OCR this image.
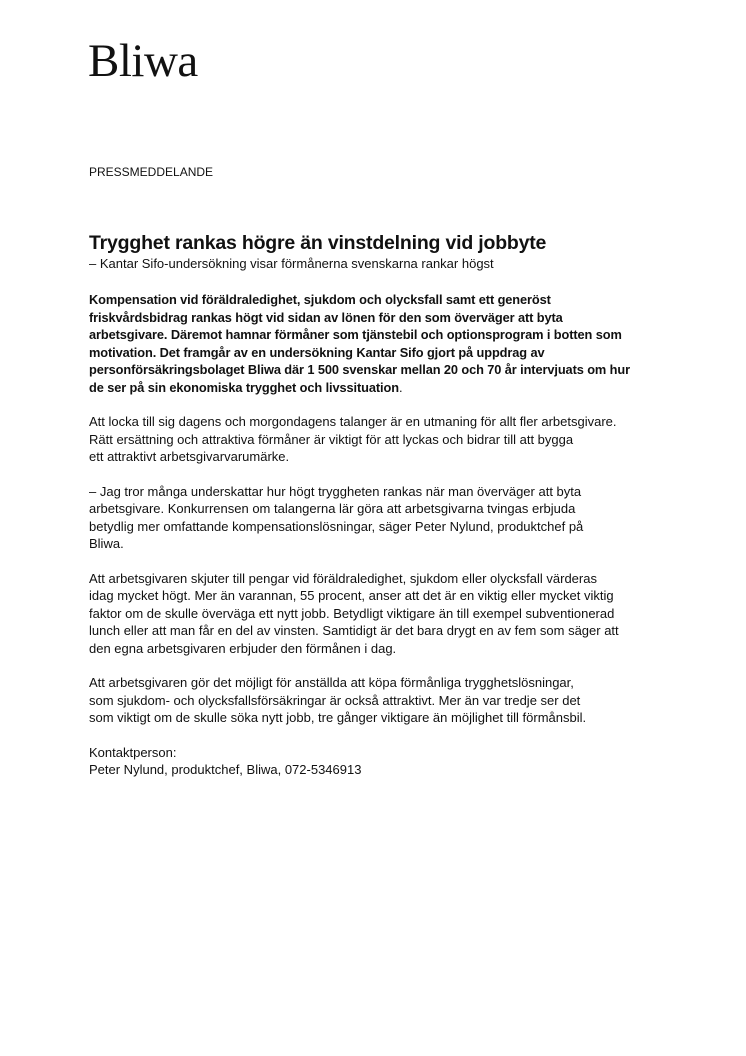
Bliwa

PRESSMEDDELANDE

Trygghet rankas högre än vinstdelning vid jobbyte

– Kantar Sifo-undersökning visar förmånerna svenskarna rankar högst

Kompensation vid föräldraledighet, sjukdom och olycksfall samt ett generöst
friskvårdsbidrag rankas högt vid sidan av lönen för den som överväger att byta
arbetsgivare. Däremot hamnar förmåner som tjänstebil och optionsprogram i botten som
motivation. Det framgår av en undersökning Kantar Sifo gjort på uppdrag av
personförsäkringsbolaget Bliwa där 1 500 svenskar mellan 20 och 70 år intervjuats om hur
de ser på sin ekonomiska trygghet och livssituation.

Att locka till sig dagens och morgondagens talanger är en utmaning för allt fler arbetsgivare.
Rätt ersättning och attraktiva förmåner är viktigt för att lyckas och bidrar till att bygga
ett attraktivt arbetsgivarvarumärke.

– Jag tror många underskattar hur högt tryggheten rankas när man överväger att byta
arbetsgivare. Konkurrensen om talangerna lär göra att arbetsgivarna tvingas erbjuda
betydlig mer omfattande kompensationslösningar, säger Peter Nylund, produktchef på
Bliwa.

Att arbetsgivaren skjuter till pengar vid föräldraledighet, sjukdom eller olycksfall värderas
idag mycket högt. Mer än varannan, 55 procent, anser att det är en viktig eller mycket viktig
faktor om de skulle överväga ett nytt jobb. Betydligt viktigare än till exempel subventionerad
lunch eller att man får en del av vinsten. Samtidigt är det bara drygt en av fem som säger att
den egna arbetsgivaren erbjuder den förmånen i dag.

Att arbetsgivaren gör det möjligt för anställda att köpa förmånliga trygghetslösningar,
som sjukdom- och olycksfallsförsäkringar är också attraktivt. Mer än var tredje ser det
som viktigt om de skulle söka nytt jobb, tre gånger viktigare än möjlighet till förmånsbil.

Kontaktperson:
Peter Nylund, produktchef, Bliwa, 072-5346913
